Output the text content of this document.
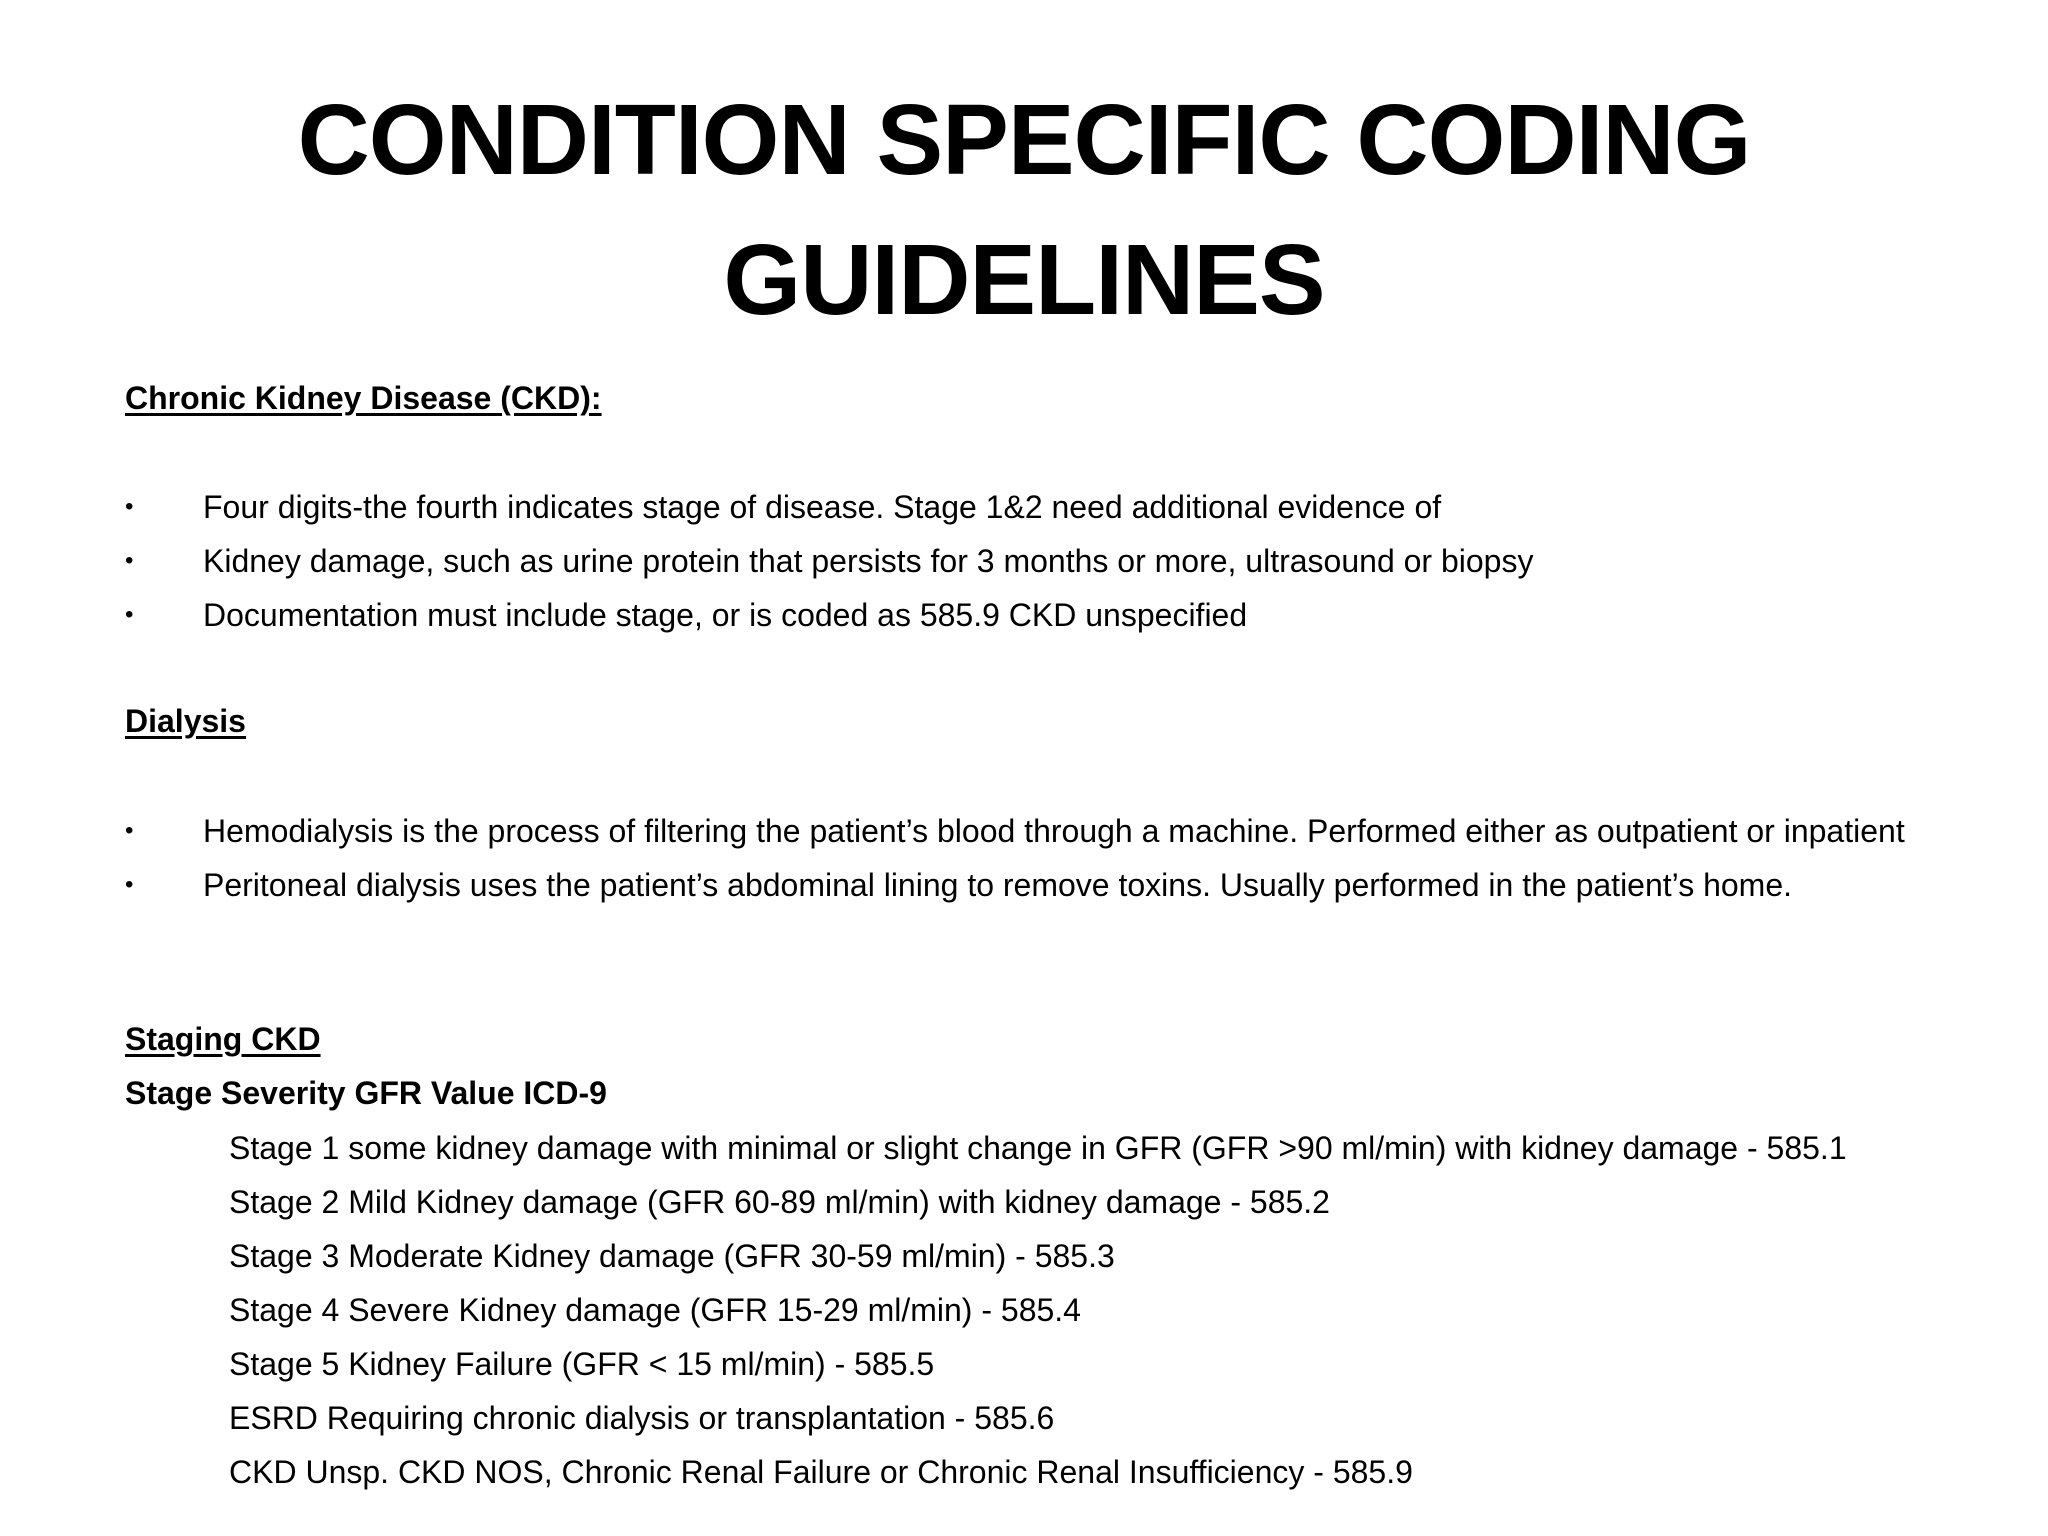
CONDITION SPECIFIC CODING
GUIDELINES
Chronic Kidney Disease (CKD):
• Four digits-the fourth indicates stage of disease. Stage 1&2 need additional evidence of
• Kidney damage, such as urine protein that persists for 3 months or more, ultrasound or biopsy
• Documentation must include stage, or is coded as 585.9 CKD unspecified
Dialysis
• Hemodialysis is the process of filtering the patient’s blood through a machine. Performed either as outpatient or inpatient
• Peritoneal dialysis uses the patient’s abdominal lining to remove toxins. Usually performed in the patient’s home.
Staging CKD
Stage Severity GFR Value ICD-9
Stage 1 some kidney damage with minimal or slight change in GFR (GFR >90 ml/min) with kidney damage - 585.1
Stage 2 Mild Kidney damage (GFR 60-89 ml/min) with kidney damage - 585.2
Stage 3 Moderate Kidney damage (GFR 30-59 ml/min) - 585.3
Stage 4 Severe Kidney damage (GFR 15-29 ml/min) - 585.4
Stage 5 Kidney Failure (GFR < 15 ml/min) - 585.5
ESRD Requiring chronic dialysis or transplantation - 585.6
CKD Unsp. CKD NOS, Chronic Renal Failure or Chronic Renal Insufficiency - 585.9
